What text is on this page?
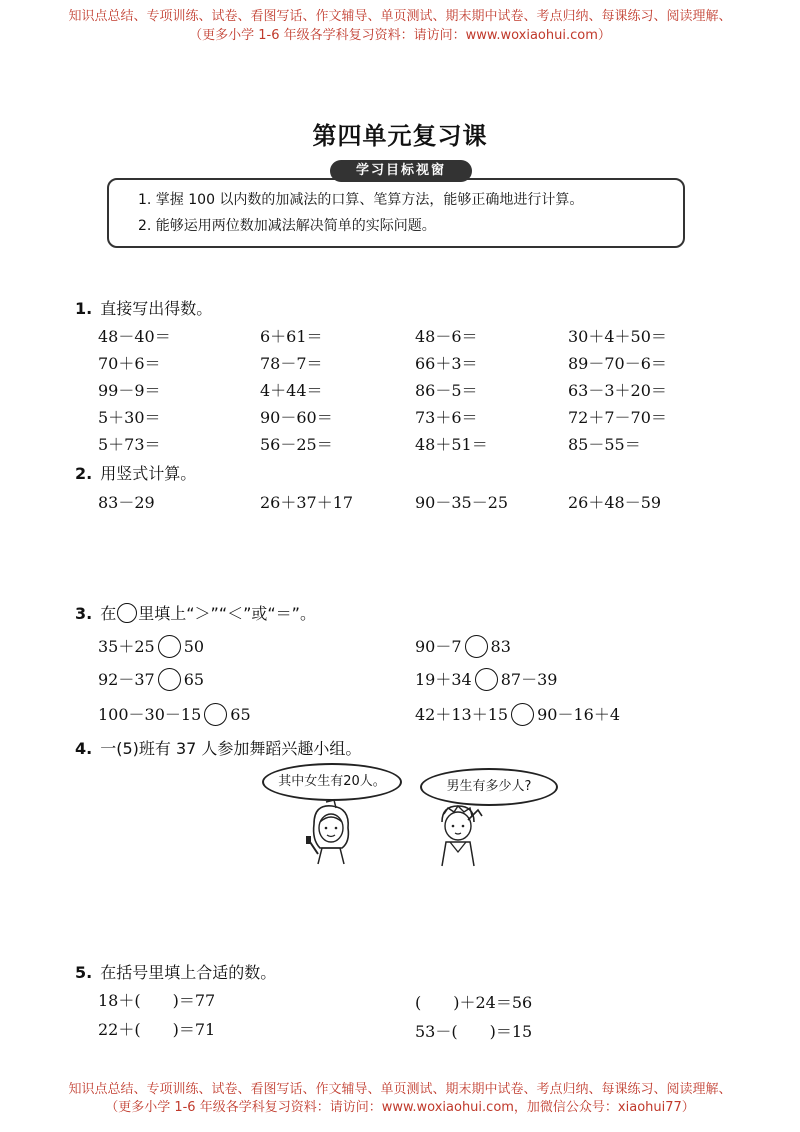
知识点总结、专项训练、试卷、看图写话、作文辅导、单页测试、期末期中试卷、考点归纳、每课练习、阅读理解、
（更多小学 1-6 年级各学科复习资料：请访问：www.woxiaohui.com）
第四单元复习课
学习目标视窗
1. 掌握 100 以内数的加减法的口算、笔算方法，能够正确地进行计算。
2. 能够运用两位数加减法解决简单的实际问题。
1. 直接写出得数。
48－40＝	6＋61＝	48－6＝	30＋4＋50＝
70＋6＝	78－7＝	66＋3＝	89－70－6＝
99－9＝	4＋44＝	86－5＝	63－3＋20＝
5＋30＝	90－60＝	73＋6＝	72＋7－70＝
5＋73＝	56－25＝	48＋51＝	85－55＝
2. 用竖式计算。
83－29	26＋37＋17	90－35－25	26＋48－59
3. 在 里填上“＞”“＜”或“＝”。
35＋25 50	90－7 83
92－37 65	19＋34 87－39
100－30－15 65	42＋13＋15 90－16＋4
4. 一(5)班有 37 人参加舞蹈兴趣小组。
其中女生有20人。	男生有多少人?
5. 在括号里填上合适的数。
18＋(　　)＝77	(　　)＋24＝56
22＋(　　)＝71	53－(　　)＝15
知识点总结、专项训练、试卷、看图写话、作文辅导、单页测试、期末期中试卷、考点归纳、每课练习、阅读理解、
（更多小学 1-6 年级各学科复习资料：请访问：www.woxiaohui.com，加微信公众号：xiaohui77）
